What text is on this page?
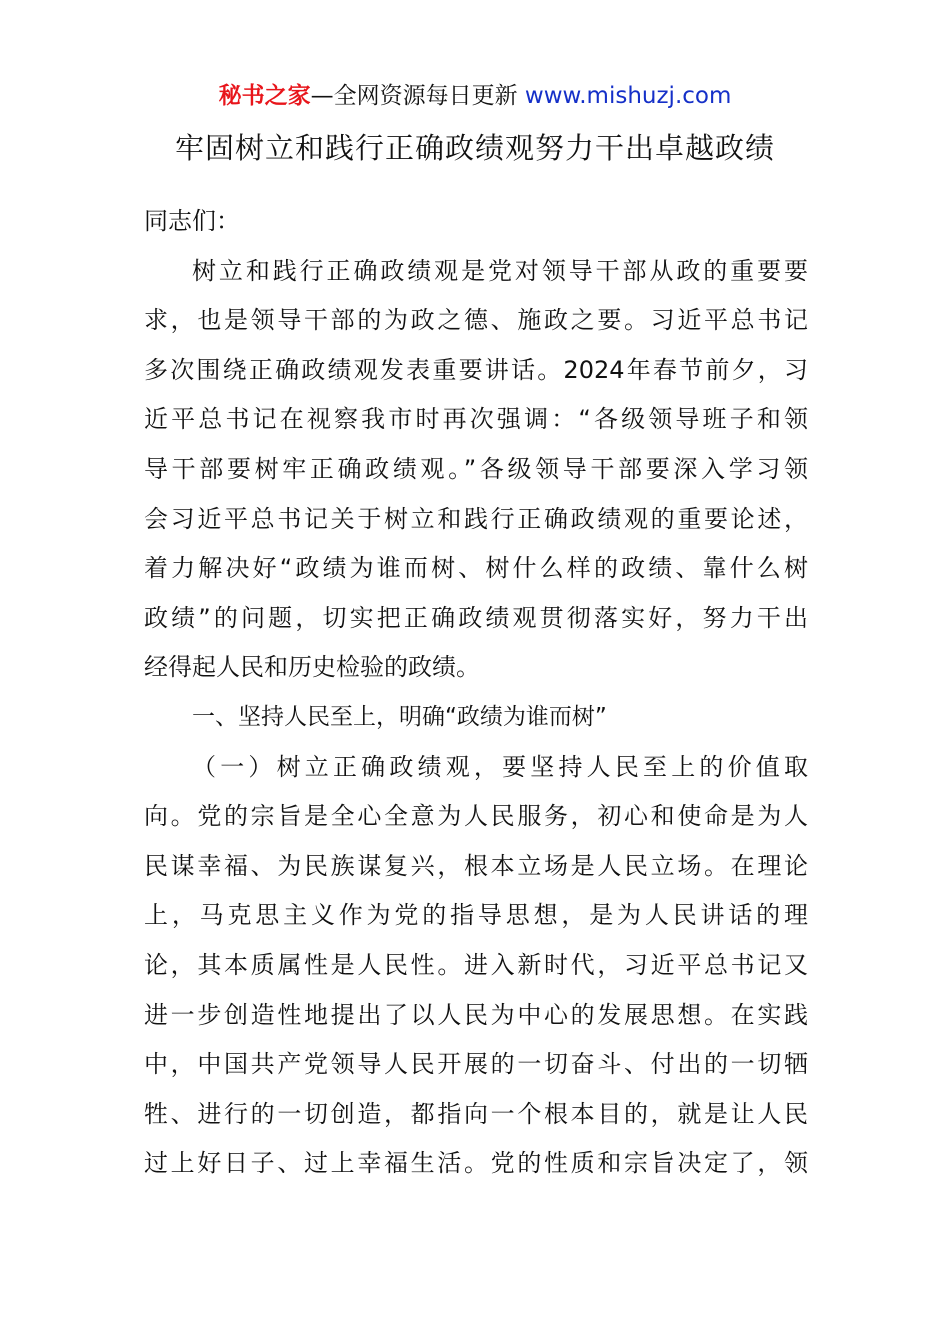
秘书之家—全网资源每日更新 www.mishuzj.com
牢固树立和践行正确政绩观努力干出卓越政绩
同志们：
树立和践行正确政绩观是党对领导干部从政的重要要
求，也是领导干部的为政之德、施政之要。习近平总书记
多次围绕正确政绩观发表重要讲话。2024年春节前夕，习
近平总书记在视察我市时再次强调：“各级领导班子和领
导干部要树牢正确政绩观。”各级领导干部要深入学习领
会习近平总书记关于树立和践行正确政绩观的重要论述，
着力解决好“政绩为谁而树、树什么样的政绩、靠什么树
政绩”的问题，切实把正确政绩观贯彻落实好，努力干出
经得起人民和历史检验的政绩。
一、坚持人民至上，明确“政绩为谁而树”
（一）树立正确政绩观，要坚持人民至上的价值取
向。党的宗旨是全心全意为人民服务，初心和使命是为人
民谋幸福、为民族谋复兴，根本立场是人民立场。在理论
上，马克思主义作为党的指导思想，是为人民讲话的理
论，其本质属性是人民性。进入新时代，习近平总书记又
进一步创造性地提出了以人民为中心的发展思想。在实践
中，中国共产党领导人民开展的一切奋斗、付出的一切牺
牲、进行的一切创造，都指向一个根本目的，就是让人民
过上好日子、过上幸福生活。党的性质和宗旨决定了，领
